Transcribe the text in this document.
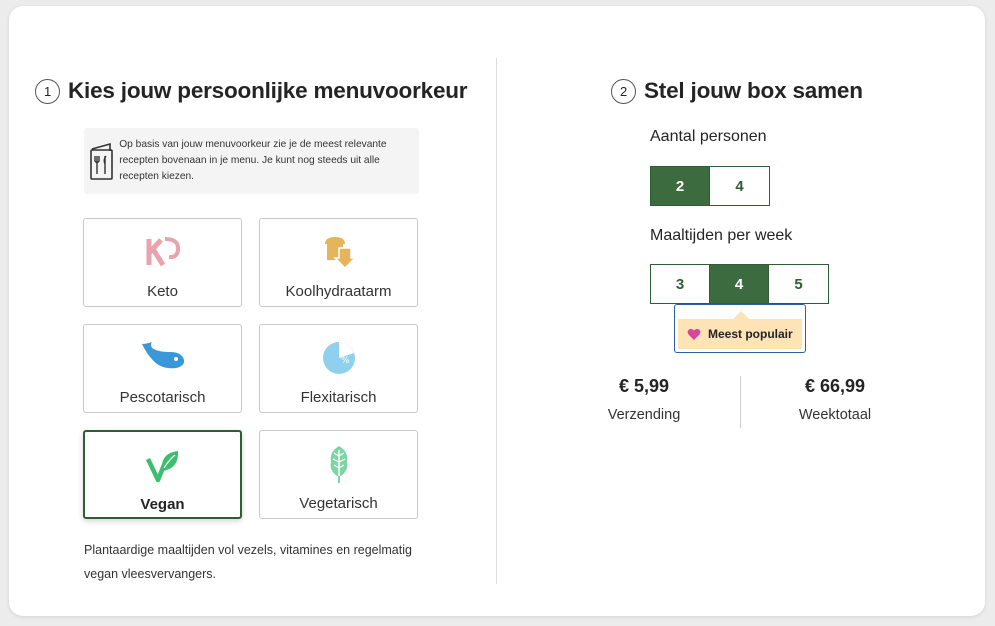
1 Kies jouw persoonlijke menuvoorkeur
Op basis van jouw menuvoorkeur zie je de meest relevante recepten bovenaan in je menu. Je kunt nog steeds uit alle recepten kiezen.
Keto	Koolhydraatarm
Pescotarisch
%
Flexitarisch
Vegan	Vegetarisch
Plantaardige maaltijden vol vezels, vitamines en regelmatig vegan vleesvervangers.
2 Stel jouw box samen
Aantal personen
2	4
Maaltijden per week
3	4	5
Meest populair
€ 5,99
Verzending
€ 66,99
Weektotaal
